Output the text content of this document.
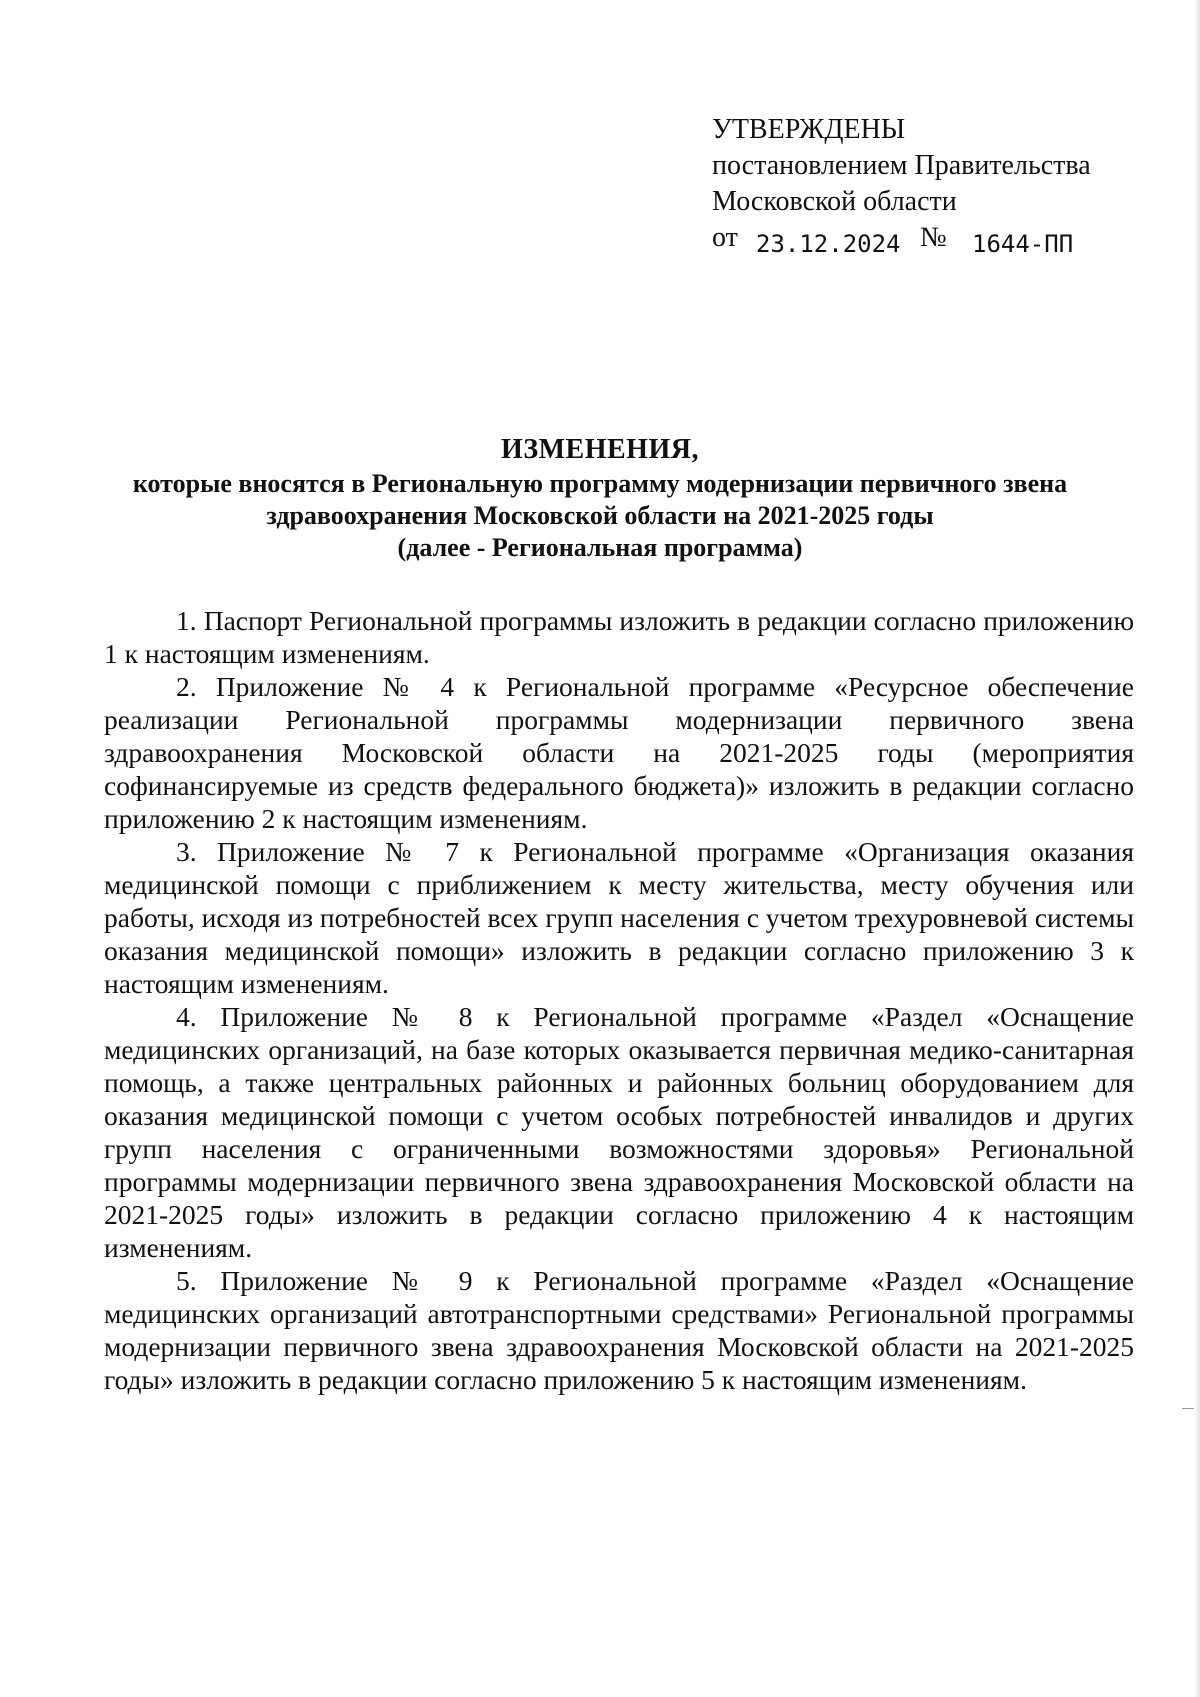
УТВЕРЖДЕНЫ
постановлением Правительства
Московской области
от 23.12.2024 № 1644-ПП
ИЗМЕНЕНИЯ,
которые вносятся в Региональную программу модернизации первичного звена
здравоохранения Московской области на 2021-2025 годы
(далее - Региональная программа)

1. Паспорт Региональной программы изложить в редакции согласно приложению 1 к настоящим изменениям.

2. Приложение № 4 к Региональной программе «Ресурсное обеспечение реализации Региональной программы модернизации первичного звена здравоохранения Московской области на 2021-2025 годы (мероприятия софинансируемые из средств федерального бюджета)» изложить в редакции согласно приложению 2 к настоящим изменениям.

3. Приложение № 7 к Региональной программе «Организация оказания медицинской помощи с приближением к месту жительства, месту обучения или работы, исходя из потребностей всех групп населения с учетом трехуровневой системы оказания медицинской помощи» изложить в редакции согласно приложению 3 к настоящим изменениям.

4. Приложение № 8 к Региональной программе «Раздел «Оснащение медицинских организаций, на базе которых оказывается первичная медико-санитарная помощь, а также центральных районных и районных больниц оборудованием для оказания медицинской помощи с учетом особых потребностей инвалидов и других групп населения с ограниченными возможностями здоровья» Региональной программы модернизации первичного звена здравоохранения Московской области на 2021-2025 годы» изложить в редакции согласно приложению 4 к настоящим изменениям.

5. Приложение № 9 к Региональной программе «Раздел «Оснащение медицинских организаций автотранспортными средствами» Региональной программы модернизации первичного звена здравоохранения Московской области на 2021-2025 годы» изложить в редакции согласно приложению 5 к настоящим изменениям.
